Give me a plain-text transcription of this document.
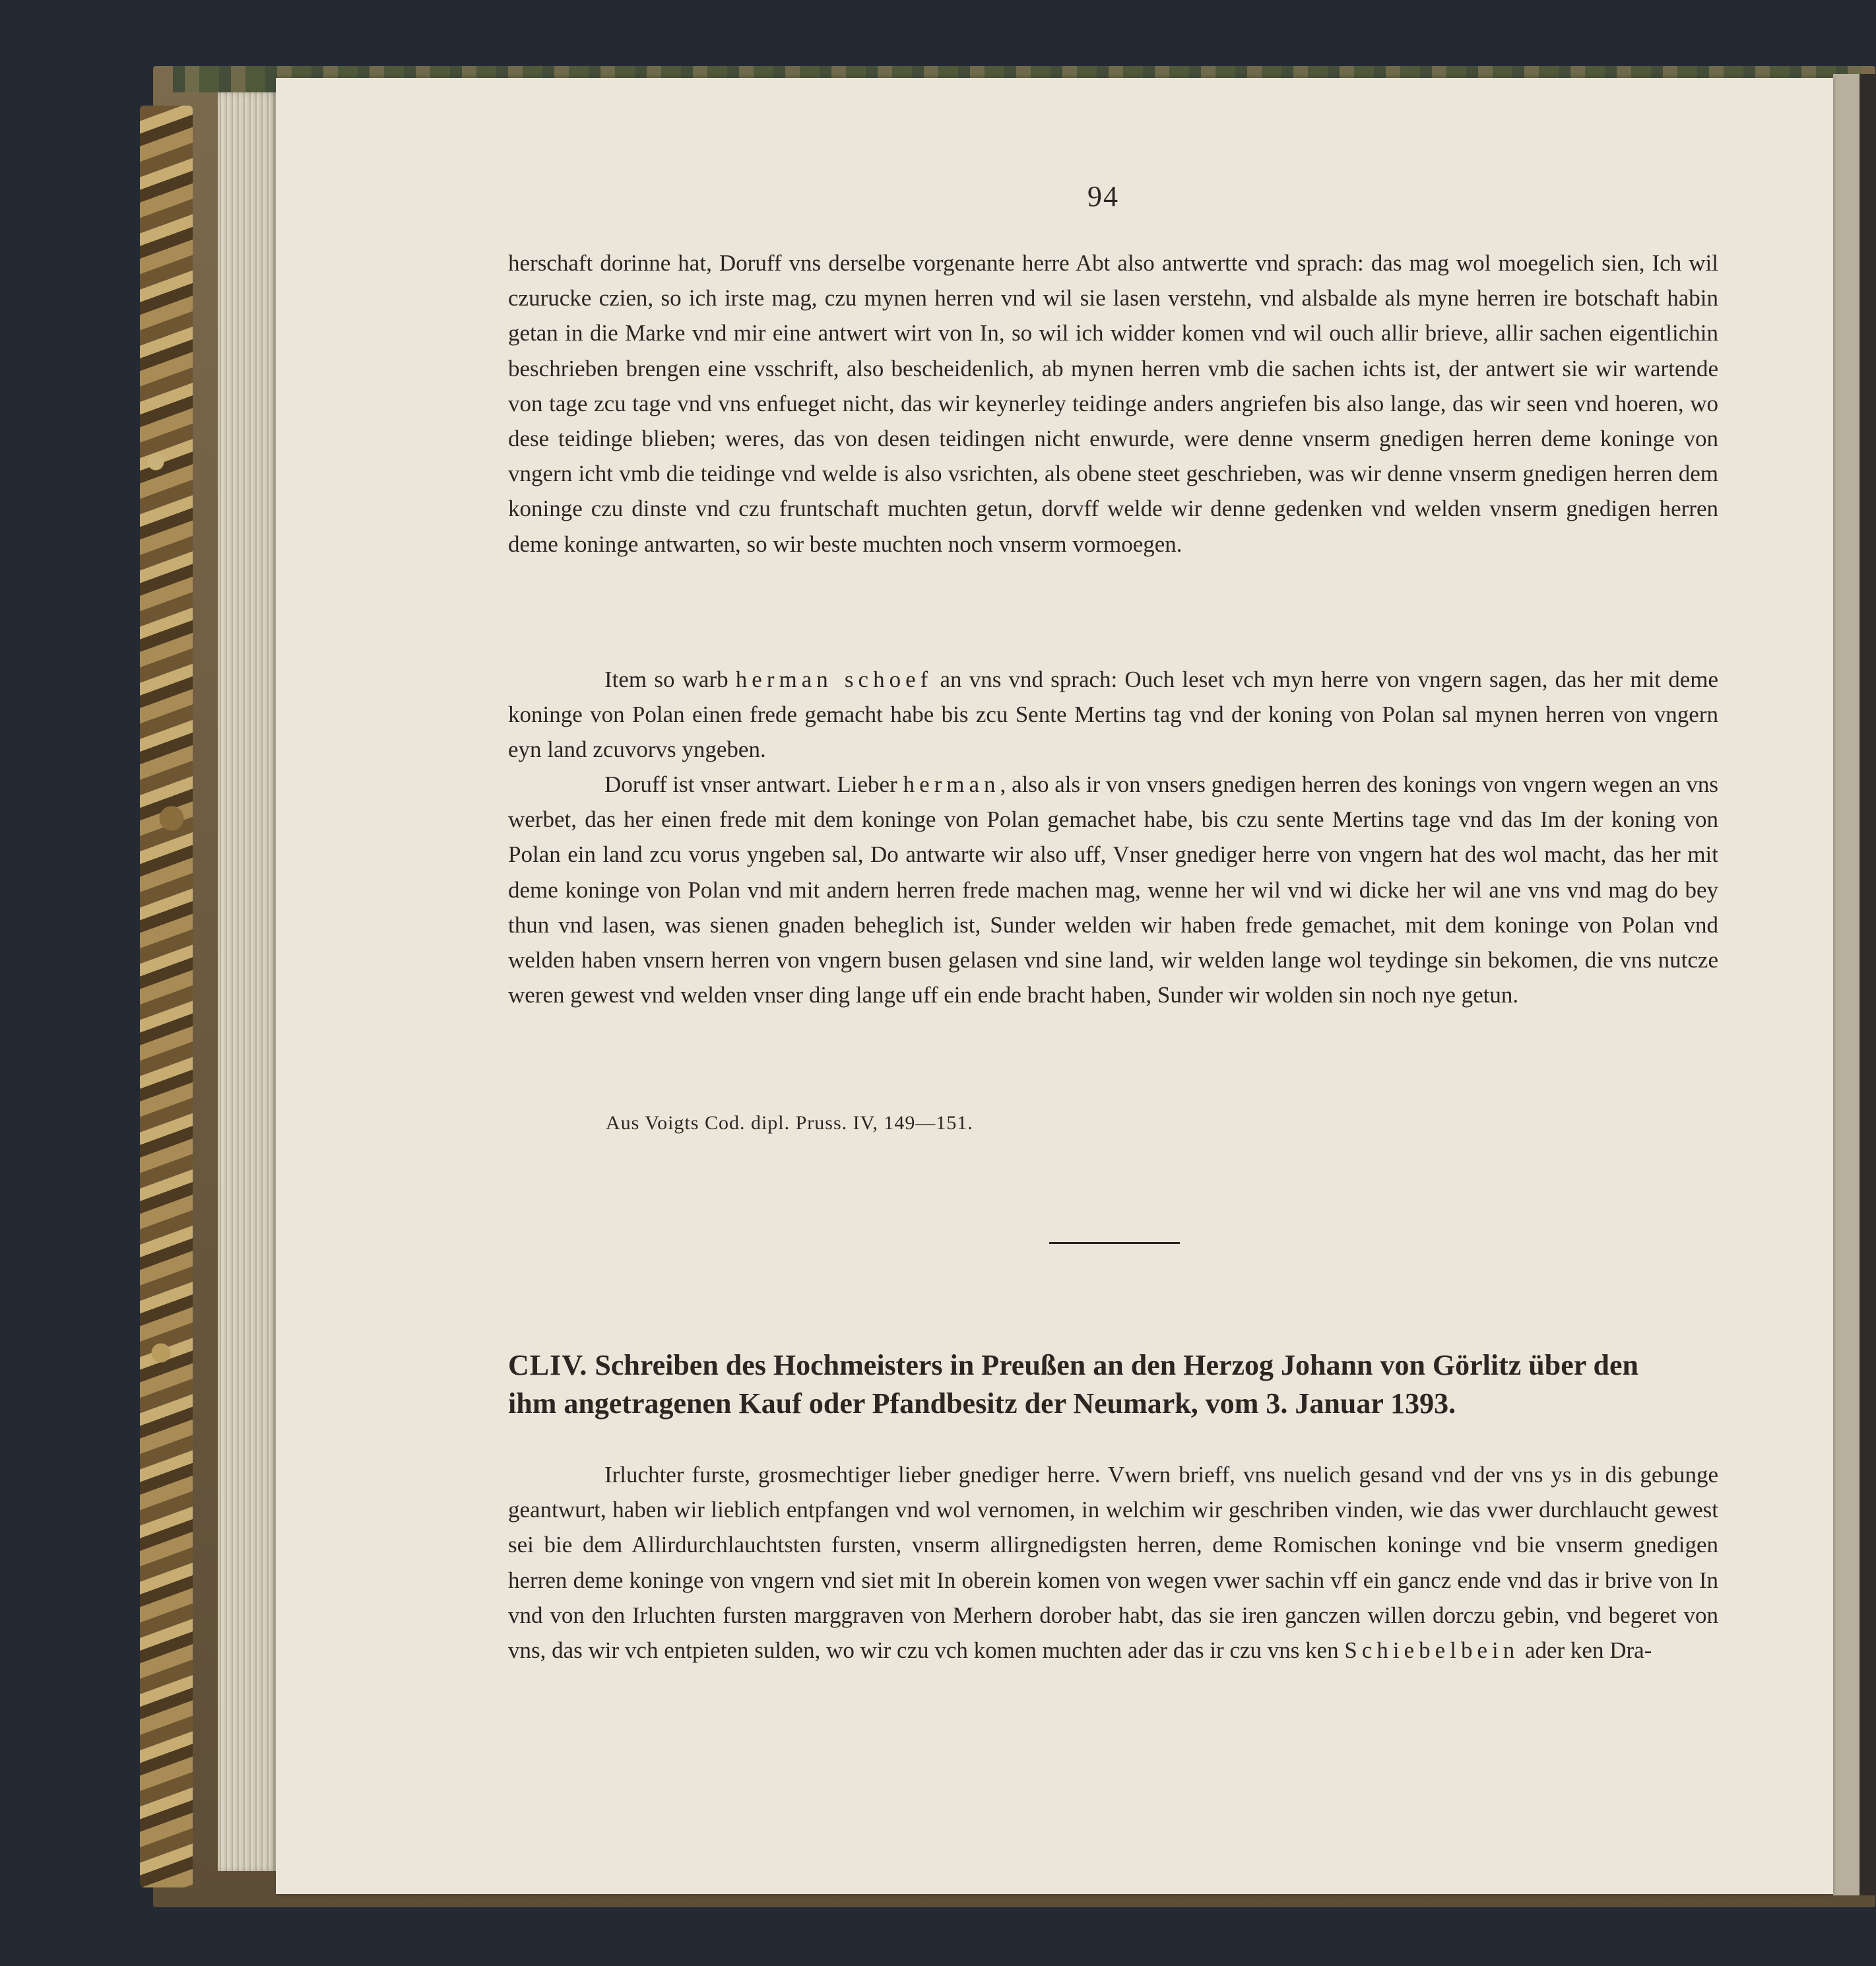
94

herschaft dorinne hat, Doruff vns derselbe vorgenante herre Abt also antwertte vnd sprach: das mag wol moegelich sien, Ich wil czurucke czien, so ich irste mag, czu mynen herren vnd wil sie lasen verstehn, vnd alsbalde als myne herren ire botschaft habin getan in die Marke vnd mir eine antwert wirt von In, so wil ich widder komen vnd wil ouch allir brieve, allir sachen eigentlichin beschrieben brengen eine vsschrift, also bescheidenlich, ab mynen herren vmb die sachen ichts ist, der antwert sie wir wartende von tage zcu tage vnd vns enfueget nicht, das wir keynerley teidinge anders angriefen bis also lange, das wir seen vnd hoeren, wo dese teidinge blieben; weres, das von desen teidingen nicht enwurde, were denne vnserm gnedigen herren deme koninge von vngern icht vmb die teidinge vnd welde is also vsrichten, als obene steet geschrieben, was wir denne vnserm gnedigen herren dem koninge czu dinste vnd czu fruntschaft muchten getun, dorvff welde wir denne gedenken vnd welden vnserm gnedigen herren deme koninge antwarten, so wir beste muchten noch vnserm vormoegen.

Item so warb herman schoef an vns vnd sprach: Ouch leset vch myn herre von vngern sagen, das her mit deme koninge von Polan einen frede gemacht habe bis zcu Sente Mertins tag vnd der koning von Polan sal mynen herren von vngern eyn land zcuvorvs yngeben.

Doruff ist vnser antwart. Lieber herman, also als ir von vnsers gnedigen herren des konings von vngern wegen an vns werbet, das her einen frede mit dem koninge von Polan gemachet habe, bis czu sente Mertins tage vnd das Im der koning von Polan ein land zcu vorus yngeben sal, Do antwarte wir also uff, Vnser gnediger herre von vngern hat des wol macht, das her mit deme koninge von Polan vnd mit andern herren frede machen mag, wenne her wil vnd wi dicke her wil ane vns vnd mag do bey thun vnd lasen, was sienen gnaden beheglich ist, Sunder welden wir haben frede gemachet, mit dem koninge von Polan vnd welden haben vnsern herren von vngern busen gelasen vnd sine land, wir welden lange wol teydinge sin bekomen, die vns nutcze weren gewest vnd welden vnser ding lange uff ein ende bracht haben, Sunder wir wolden sin noch nye getun.

Aus Voigts Cod. dipl. Pruss. IV, 149—151.
CLIV. Schreiben des Hochmeisters in Preußen an den Herzog Johann von Görlitz über den
ihm angetragenen Kauf oder Pfandbesitz der Neumark, vom 3. Januar 1393.

Irluchter furste, grosmechtiger lieber gnediger herre. Vwern brieff, vns nuelich gesand vnd der vns ys in dis gebunge geantwurt, haben wir lieblich entpfangen vnd wol vernomen, in welchim wir geschriben vinden, wie das vwer durchlaucht gewest sei bie dem Allirdurchlauchtsten fursten, vnserm allirgnedigsten herren, deme Romischen koninge vnd bie vnserm gnedigen herren deme koninge von vngern vnd siet mit In oberein komen von wegen vwer sachin vff ein gancz ende vnd das ir brive von In vnd von den Irluchten fursten marggraven von Merhern dorober habt, das sie iren ganczen willen dorczu gebin, vnd begeret von vns, das wir vch entpieten sulden, wo wir czu vch komen muchten ader das ir czu vns ken Schiebelbein ader ken Dra-
